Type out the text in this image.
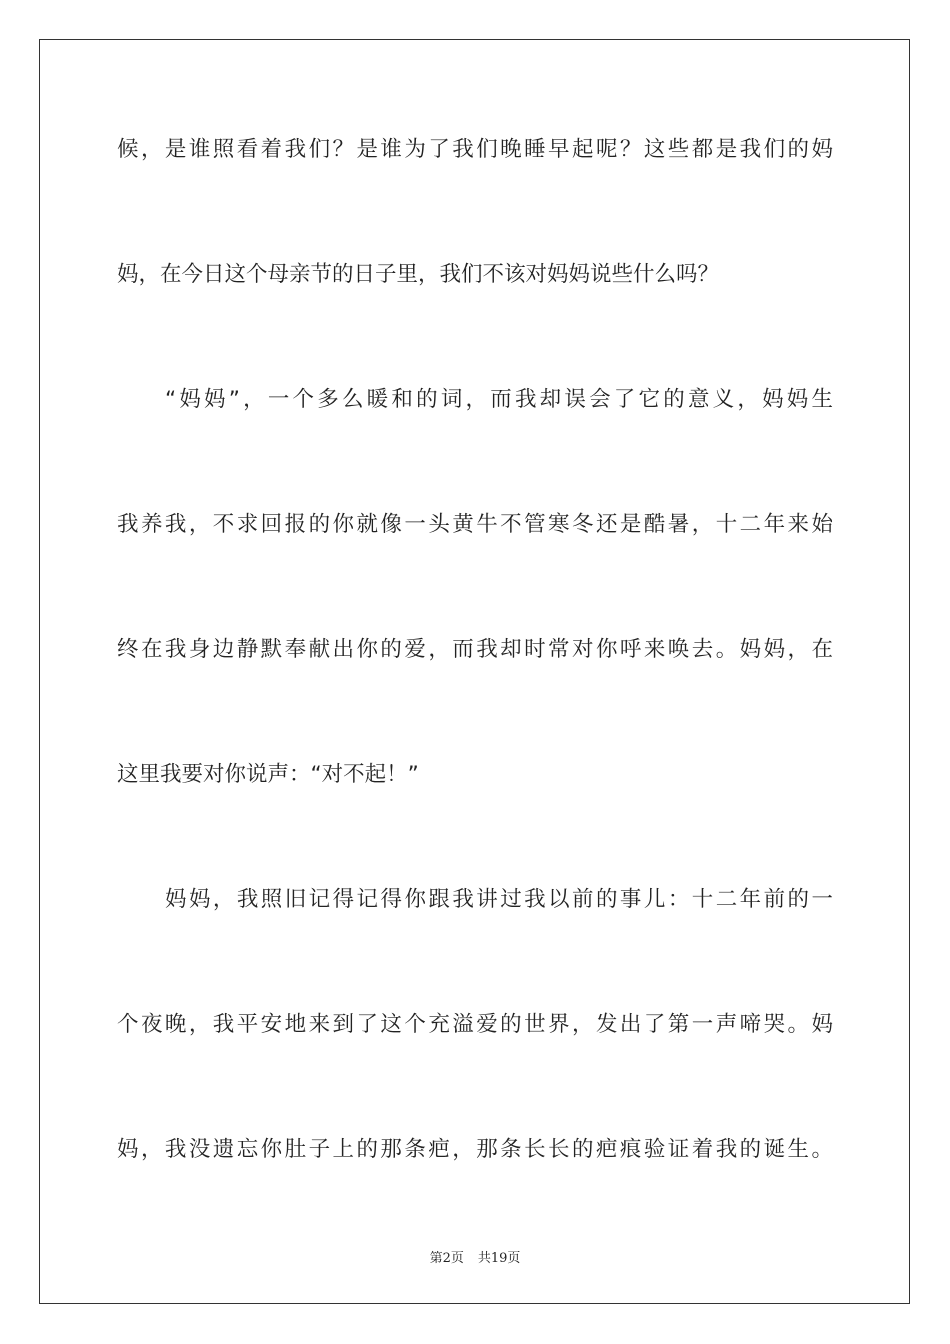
候，是谁照看着我们？是谁为了我们晚睡早起呢？这些都是我们的妈
妈，在今日这个母亲节的日子里，我们不该对妈妈说些什么吗？
“妈妈”，一个多么暖和的词，而我却误会了它的意义，妈妈生
我养我，不求回报的你就像一头黄牛不管寒冬还是酷暑，十二年来始
终在我身边静默奉献出你的爱，而我却时常对你呼来唤去。妈妈，在
这里我要对你说声：“对不起！”
妈妈，我照旧记得记得你跟我讲过我以前的事儿：十二年前的一
个夜晚，我平安地来到了这个充溢爱的世界，发出了第一声啼哭。妈
妈，我没遗忘你肚子上的那条疤，那条长长的疤痕验证着我的诞生。
第2页 共19页
